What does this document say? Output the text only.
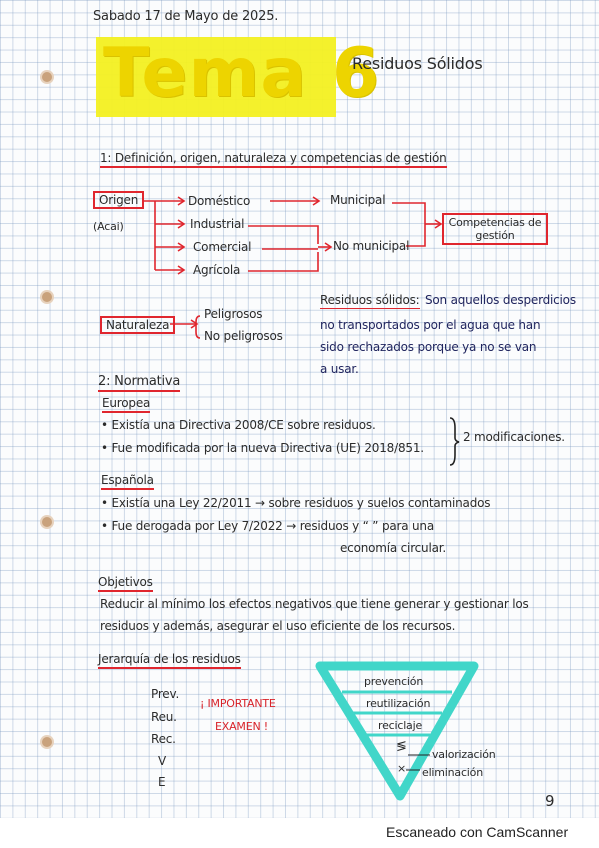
Sabado 17 de Mayo de 2025.
Tema 6
Residuos Sólidos
1: Definición, origen, naturaleza y competencias de gestión
Origen
(Acai)
Doméstico
Industrial
Comercial
Agrícola
Municipal
No municipal
Competencias de gestión
Naturaleza
Peligrosos
No peligrosos
Residuos sólidos: Son aquellos desperdicios
no transportados por el agua que han
sido rechazados porque ya no se van
a usar.
2: Normativa
Europea
• Existía una Directiva 2008/CE sobre residuos.
• Fue modificada por la nueva Directiva (UE) 2018/851.
2 modificaciones.
Española
• Existía una Ley 22/2011 → sobre residuos y suelos contaminados
• Fue derogada por Ley 7/2022 → residuos y “ ” para una
economía circular.
Objetivos
Reducir al mínimo los efectos negativos que tiene generar y gestionar los
residuos y además, asegurar el uso eficiente de los recursos.
Jerarquía de los residuos
Prev.
Reu.
Rec.
V
E
¡ IMPORTANTE
EXAMEN !
prevención
reutilización
reciclaje
≶
×
valorización
eliminación
9
Escaneado con CamScanner
